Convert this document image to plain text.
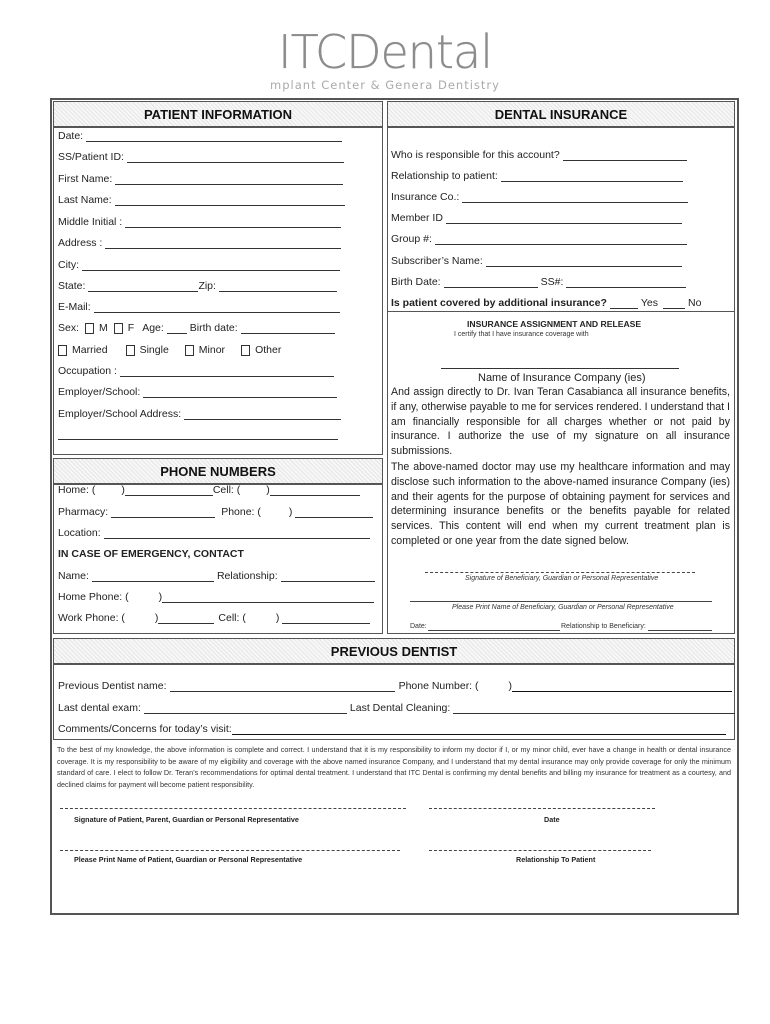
ITCDental
mplant Center & Genera Dentistry
PATIENT INFORMATION	DENTAL INSURANCE
PHONE NUMBERS
PREVIOUS DENTIST
Date:
SS/Patient ID:
First Name:
Last Name:
Middle Initial :
Address :
City:
State:	Zip:
E-Mail:
Sex: M F Age: Birth date:
Married	Single	Minor	Other
Occupation :
Employer/School:
Employer/School Address:
Home: ( )	Cell: ( )
Pharmacy:	Phone: (	)
Location:
IN CASE OF EMERGENCY, CONTACT
Name:	Relationship:
Home Phone: (	)
Work Phone: (	)	Cell: (	)
Who is responsible for this account?
Relationship to patient:
Insurance Co.:
Member ID
Group #:
Subscriber’s Name:
Birth Date:	SS#:
Is patient covered by additional insurance?	Yes	No
INSURANCE ASSIGNMENT AND RELEASE
I certify that I have insurance coverage with
Name of Insurance Company (ies)
And assign directly to Dr. Ivan Teran Casabianca all insurance benefits, if any, otherwise payable to me for services rendered. I understand that I am financially responsible for all charges whether or not paid by insurance. I authorize the use of my signature on all insurance submissions.
The above-named doctor may use my healthcare information and may disclose such information to the above-named insurance Company (ies) and their agents for the purpose of obtaining payment for services and determining insurance benefits or the benefits payable for related services. This content will end when my current treatment plan is completed or one year from the date signed below.
Signature of Beneficiary, Guardian or Personal Representative
Please Print Name of Beneficiary, Guardian or Personal Representative
Date:	Relationship to Beneficiary:
Previous Dentist name:	Phone Number: (	)
Last dental exam:	Last Dental Cleaning:
Comments/Concerns for today’s visit:
To the best of my knowledge, the above information is complete and correct. I understand that it is my responsibility to inform my doctor if I, or my minor child, ever have a change in health or dental insurance coverage. It is my responsibility to be aware of my eligibility and coverage with the above named insurance Company, and I understand that my dental insurance may only provide coverage for only the minimum standard of care. I elect to follow Dr. Teran’s recommendations for optimal dental treatment. I understand that ITC Dental is confirming my dental benefits and billing my insurance for treatment as a courtesy, and declined claims for payment will become patient responsibility.
Signature of Patient, Parent, Guardian or Personal Representative	Date
Please Print Name of Patient, Guardian or Personal Representative	Relationship To Patient
